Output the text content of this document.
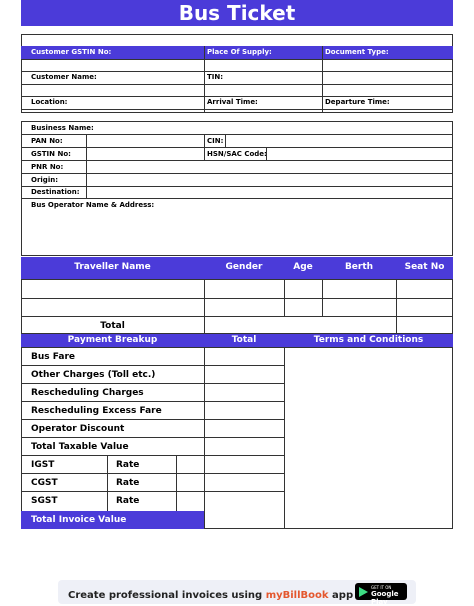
Bus Ticket
Customer GSTIN No:	Place Of Supply:	Document Type:
Customer Name:	TIN:
Location:	Arrival Time:	Departure Time:
Business Name:
PAN No:	CIN:
GSTIN No:	HSN/SAC Code:
PNR No:
Origin:
Destination:
Bus Operator Name & Address:
Traveller Name	Gender	Age	Berth	Seat No
Total
Payment Breakup	Total	Terms and Conditions
Bus Fare
Other Charges (Toll etc.)
Rescheduling Charges
Rescheduling Excess Fare
Operator Discount
Total Taxable Value
IGST	Rate
CGST	Rate
SGST	Rate
Total Invoice Value
Create professional invoices using myBillBook app
GET IT ON
Google Play
